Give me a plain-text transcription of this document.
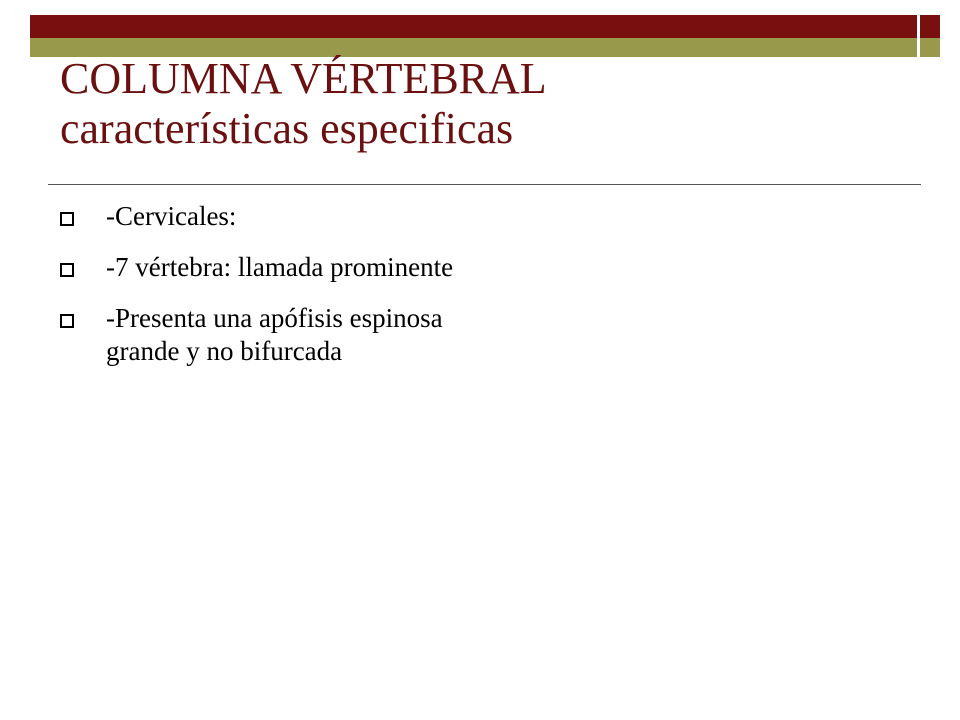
COLUMNA VÉRTEBRAL
características especificas
-Cervicales:
-7 vértebra: llamada prominente
-Presenta una apófisis espinosa grande y no bifurcada
